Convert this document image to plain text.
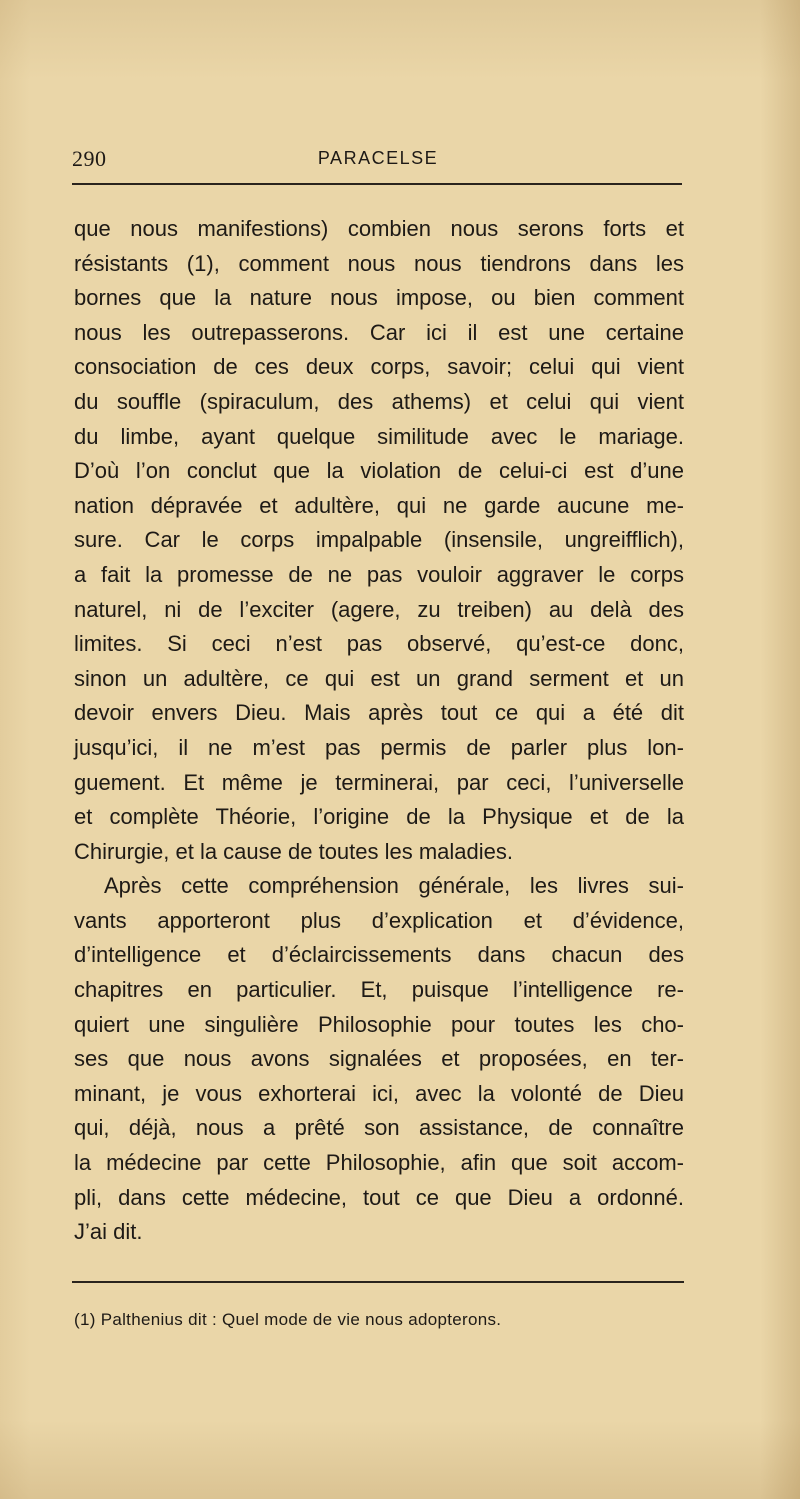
290	PARACELSE
que nous manifestions) combien nous serons forts et
résistants (1), comment nous nous tiendrons dans les
bornes que la nature nous impose, ou bien comment
nous les outrepasserons. Car ici il est une certaine
consociation de ces deux corps, savoir; celui qui vient
du souffle (spiraculum, des athems) et celui qui vient
du limbe, ayant quelque similitude avec le mariage.
D’où l’on conclut que la violation de celui-ci est d’une
nation dépravée et adultère, qui ne garde aucune me-
sure. Car le corps impalpable (insensile, ungreifflich),
a fait la promesse de ne pas vouloir aggraver le corps
naturel, ni de l’exciter (agere, zu treiben) au delà des
limites. Si ceci n’est pas observé, qu’est-ce donc,
sinon un adultère, ce qui est un grand serment et un
devoir envers Dieu. Mais après tout ce qui a été dit
jusqu’ici, il ne m’est pas permis de parler plus lon-
guement. Et même je terminerai, par ceci, l’universelle
et complète Théorie, l’origine de la Physique et de la
Chirurgie, et la cause de toutes les maladies.
Après cette compréhension générale, les livres sui-
vants apporteront plus d’explication et d’évidence,
d’intelligence et d’éclaircissements dans chacun des
chapitres en particulier. Et, puisque l’intelligence re-
quiert une singulière Philosophie pour toutes les cho-
ses que nous avons signalées et proposées, en ter-
minant, je vous exhorterai ici, avec la volonté de Dieu
qui, déjà, nous a prêté son assistance, de connaître
la médecine par cette Philosophie, afin que soit accom-
pli, dans cette médecine, tout ce que Dieu a ordonné.
J’ai dit.
(1) Palthenius dit : Quel mode de vie nous adopterons.
